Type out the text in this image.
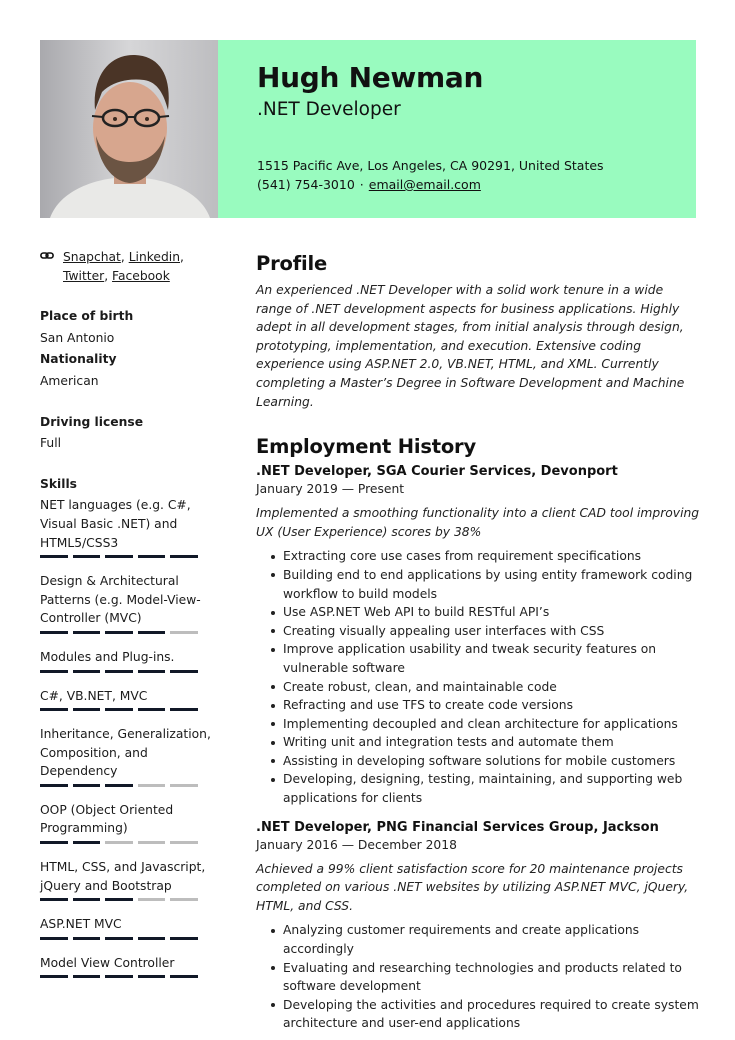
Hugh Newman
.NET Developer
1515 Pacific Ave, Los Angeles, CA 90291, United States
(541) 754-3010 · email@email.com
Snapchat, Linkedin, Twitter, Facebook
Place of birth
San Antonio
Nationality
American
Driving license
Full
Skills
NET languages (e.g. C#, Visual Basic .NET) and HTML5/CSS3
Design & Architectural Patterns (e.g. Model-View-Controller (MVC)
Modules and Plug-ins.
C#, VB.NET, MVC
Inheritance, Generalization, Composition, and Dependency
OOP (Object Oriented Programming)
HTML, CSS, and Javascript, jQuery and Bootstrap
ASP.NET MVC
Model View Controller
Profile
An experienced .NET Developer with a solid work tenure in a wide range of .NET development aspects for business applications. Highly adept in all development stages, from initial analysis through design, prototyping, implementation, and execution. Extensive coding experience using ASP.NET 2.0, VB.NET, HTML, and XML. Currently completing a Master’s Degree in Software Development and Machine Learning.
Employment History
.NET Developer, SGA Courier Services, Devonport
January 2019 — Present
Implemented a smoothing functionality into a client CAD tool improving UX (User Experience) scores by 38%
Extracting core use cases from requirement specifications
Building end to end applications by using entity framework coding workflow to build models
Use ASP.NET Web API to build RESTful API’s
Creating visually appealing user interfaces with CSS
Improve application usability and tweak security features on vulnerable software
Create robust, clean, and maintainable code
Refracting and use TFS to create code versions
Implementing decoupled and clean architecture for applications
Writing unit and integration tests and automate them
Assisting in developing software solutions for mobile customers
Developing, designing, testing, maintaining, and supporting web applications for clients
.NET Developer, PNG Financial Services Group, Jackson
January 2016 — December 2018
Achieved a 99% client satisfaction score for 20 maintenance projects completed on various .NET websites by utilizing ASP.NET MVC, jQuery, HTML, and CSS.
Analyzing customer requirements and create applications accordingly
Evaluating and researching technologies and products related to software development
Developing the activities and procedures required to create system architecture and user-end applications
